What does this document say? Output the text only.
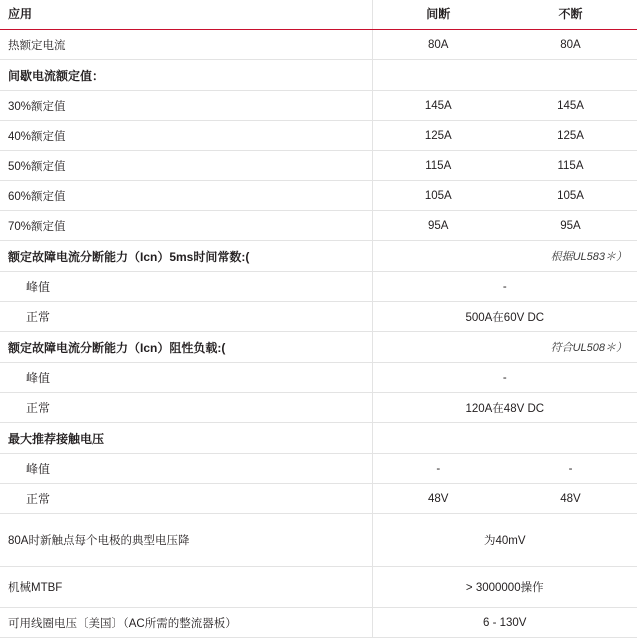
应用	间断	不断
热额定电流	80A	80A
间歇电流额定值：		
30%额定值	145A	145A
40%额定值	125A	125A
50%额定值	115A	115A
60%额定值	105A	105A
70%额定值	95A	95A
额定故障电流分断能力（Icn）5ms时间常数:(	根据UL583＊）	
峰值	-	
正常	500A在60V DC	
额定故障电流分断能力（Icn）阻性负载:(	符合UL508＊）	
峰值	-	
正常	120A在48V DC	
最大推荐接触电压		
峰值	-	-
正常	48V	48V
80A时新触点每个电极的典型电压降	为40mV	
机械MTBF	> 3000000操作	
可用线圈电压〔美国〕（AC所需的整流器板）	6 - 130V	
